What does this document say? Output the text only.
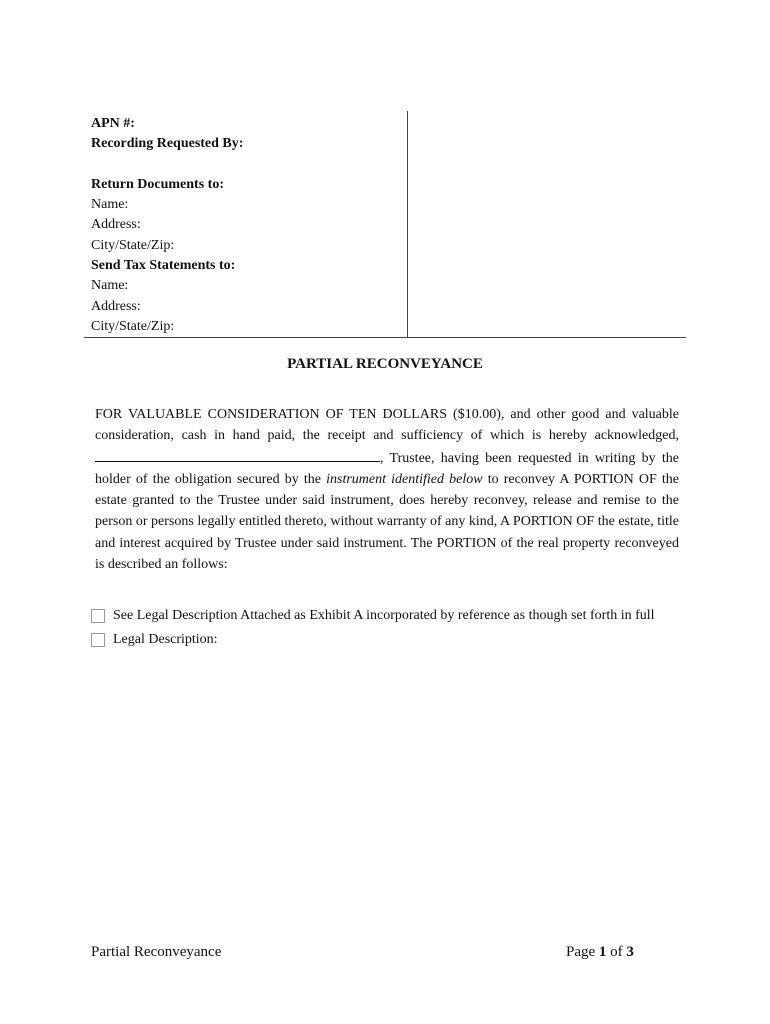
APN #:
Recording Requested By:
Return Documents to:
Name:
Address:
City/State/Zip:
Send Tax Statements to:
Name:
Address:
City/State/Zip:
PARTIAL RECONVEYANCE

FOR VALUABLE CONSIDERATION OF TEN DOLLARS ($10.00), and other good and valuable consideration, cash in hand paid, the receipt and sufficiency of which is hereby acknowledged, , Trustee, having been requested in writing by the holder of the obligation secured by the instrument identified below to reconvey A PORTION OF the estate granted to the Trustee under said instrument, does hereby reconvey, release and remise to the person or persons legally entitled thereto, without warranty of any kind, A PORTION OF the estate, title and interest acquired by Trustee under said instrument. The PORTION of the real property reconveyed is described an follows:

See Legal Description Attached as Exhibit A incorporated by reference as though set forth in full
Legal Description:
Partial Reconveyance	Page 1 of 3
